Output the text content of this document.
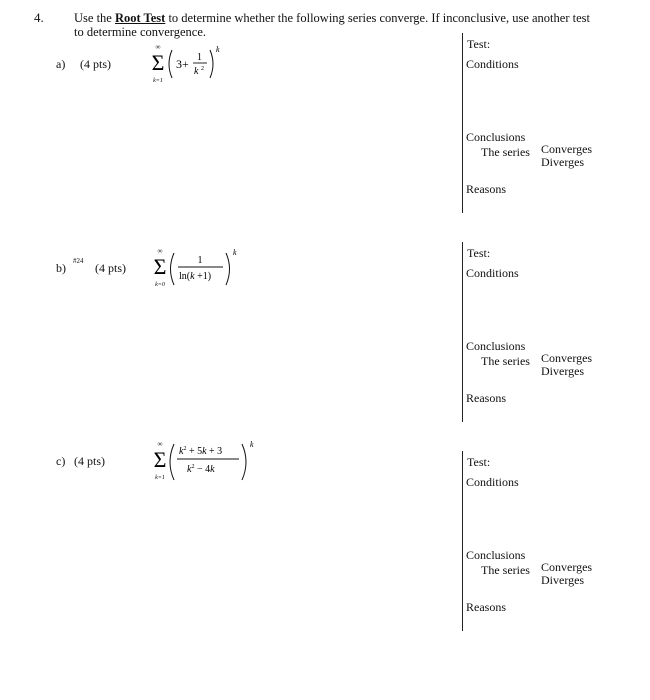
4. Use the Root Test to determine whether the following series converge. If inconclusive, use another test
to determine convergence.
a) (4 pts)
∞
Σ
k=1
3+ 1
k 2
k	Test:
Conditions
Conclusions
The series Converges
Diverges
Reasons
b) #24 (4 pts)
∞
Σ
k=0
1
ln(k +1)
k	Test:
Conditions
Conclusions
The series Converges
Diverges
Reasons
c) (4 pts)
∞
Σ
k=1
$k^2 + 5k + 3$
$k^2 - 4k$
k
Test:
Conditions
Conclusions
The series Converges
Diverges
Reasons
